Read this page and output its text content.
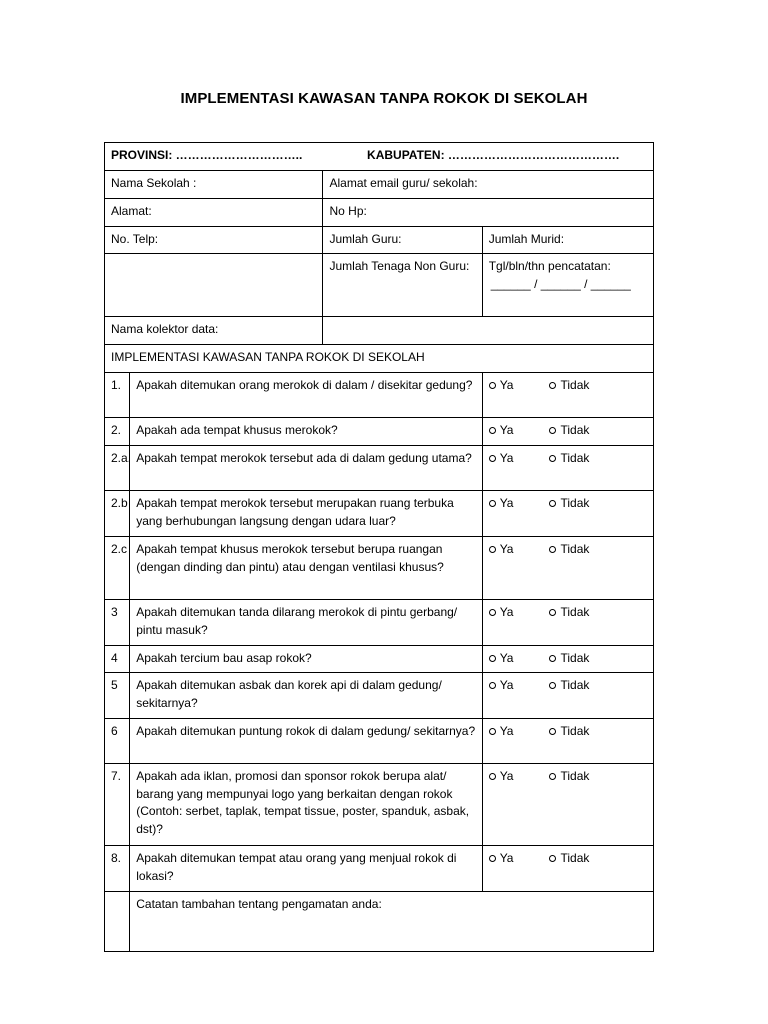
IMPLEMENTASI KAWASAN TANPA ROKOK DI SEKOLAH
PROVINSI: ………………………….. KABUPATEN: …………………………………….			
Nama Sekolah :		Alamat email guru/ sekolah:	
Alamat:		No Hp:	
No. Telp:		Jumlah Guru:	Jumlah Murid:
		Jumlah Tenaga Non Guru:	Tgl/bln/thn pencatatan:
______ / ______ / ______

Nama kolektor data:			
IMPLEMENTASI KAWASAN TANPA ROKOK DI SEKOLAH			
1.	Apakah ditemukan orang merokok di dalam / disekitar gedung?		Ya Tidak

2.	Apakah ada tempat khusus merokok?		Ya Tidak

2.a.	Apakah tempat merokok tersebut ada di dalam gedung utama?		Ya Tidak

2.b	Apakah tempat merokok tersebut merupakan ruang terbuka yang berhubungan langsung dengan udara luar?		Ya Tidak

2.c	Apakah tempat khusus merokok tersebut berupa ruangan (dengan dinding dan pintu) atau dengan ventilasi khusus?		Ya Tidak

3	Apakah ditemukan tanda dilarang merokok di pintu gerbang/ pintu masuk?		Ya Tidak

4	Apakah tercium bau asap rokok?		Ya Tidak

5	Apakah ditemukan asbak dan korek api di dalam gedung/ sekitarnya?		Ya Tidak

6	Apakah ditemukan puntung rokok di dalam gedung/ sekitarnya?		Ya Tidak

7.	Apakah ada iklan, promosi dan sponsor rokok berupa alat/ barang yang mempunyai logo yang berkaitan dengan rokok (Contoh: serbet, taplak, tempat tissue, poster, spanduk, asbak, dst)?		Ya Tidak

8.	Apakah ditemukan tempat atau orang yang menjual rokok di lokasi?		Ya Tidak

	Catatan tambahan tentang pengamatan anda:		
